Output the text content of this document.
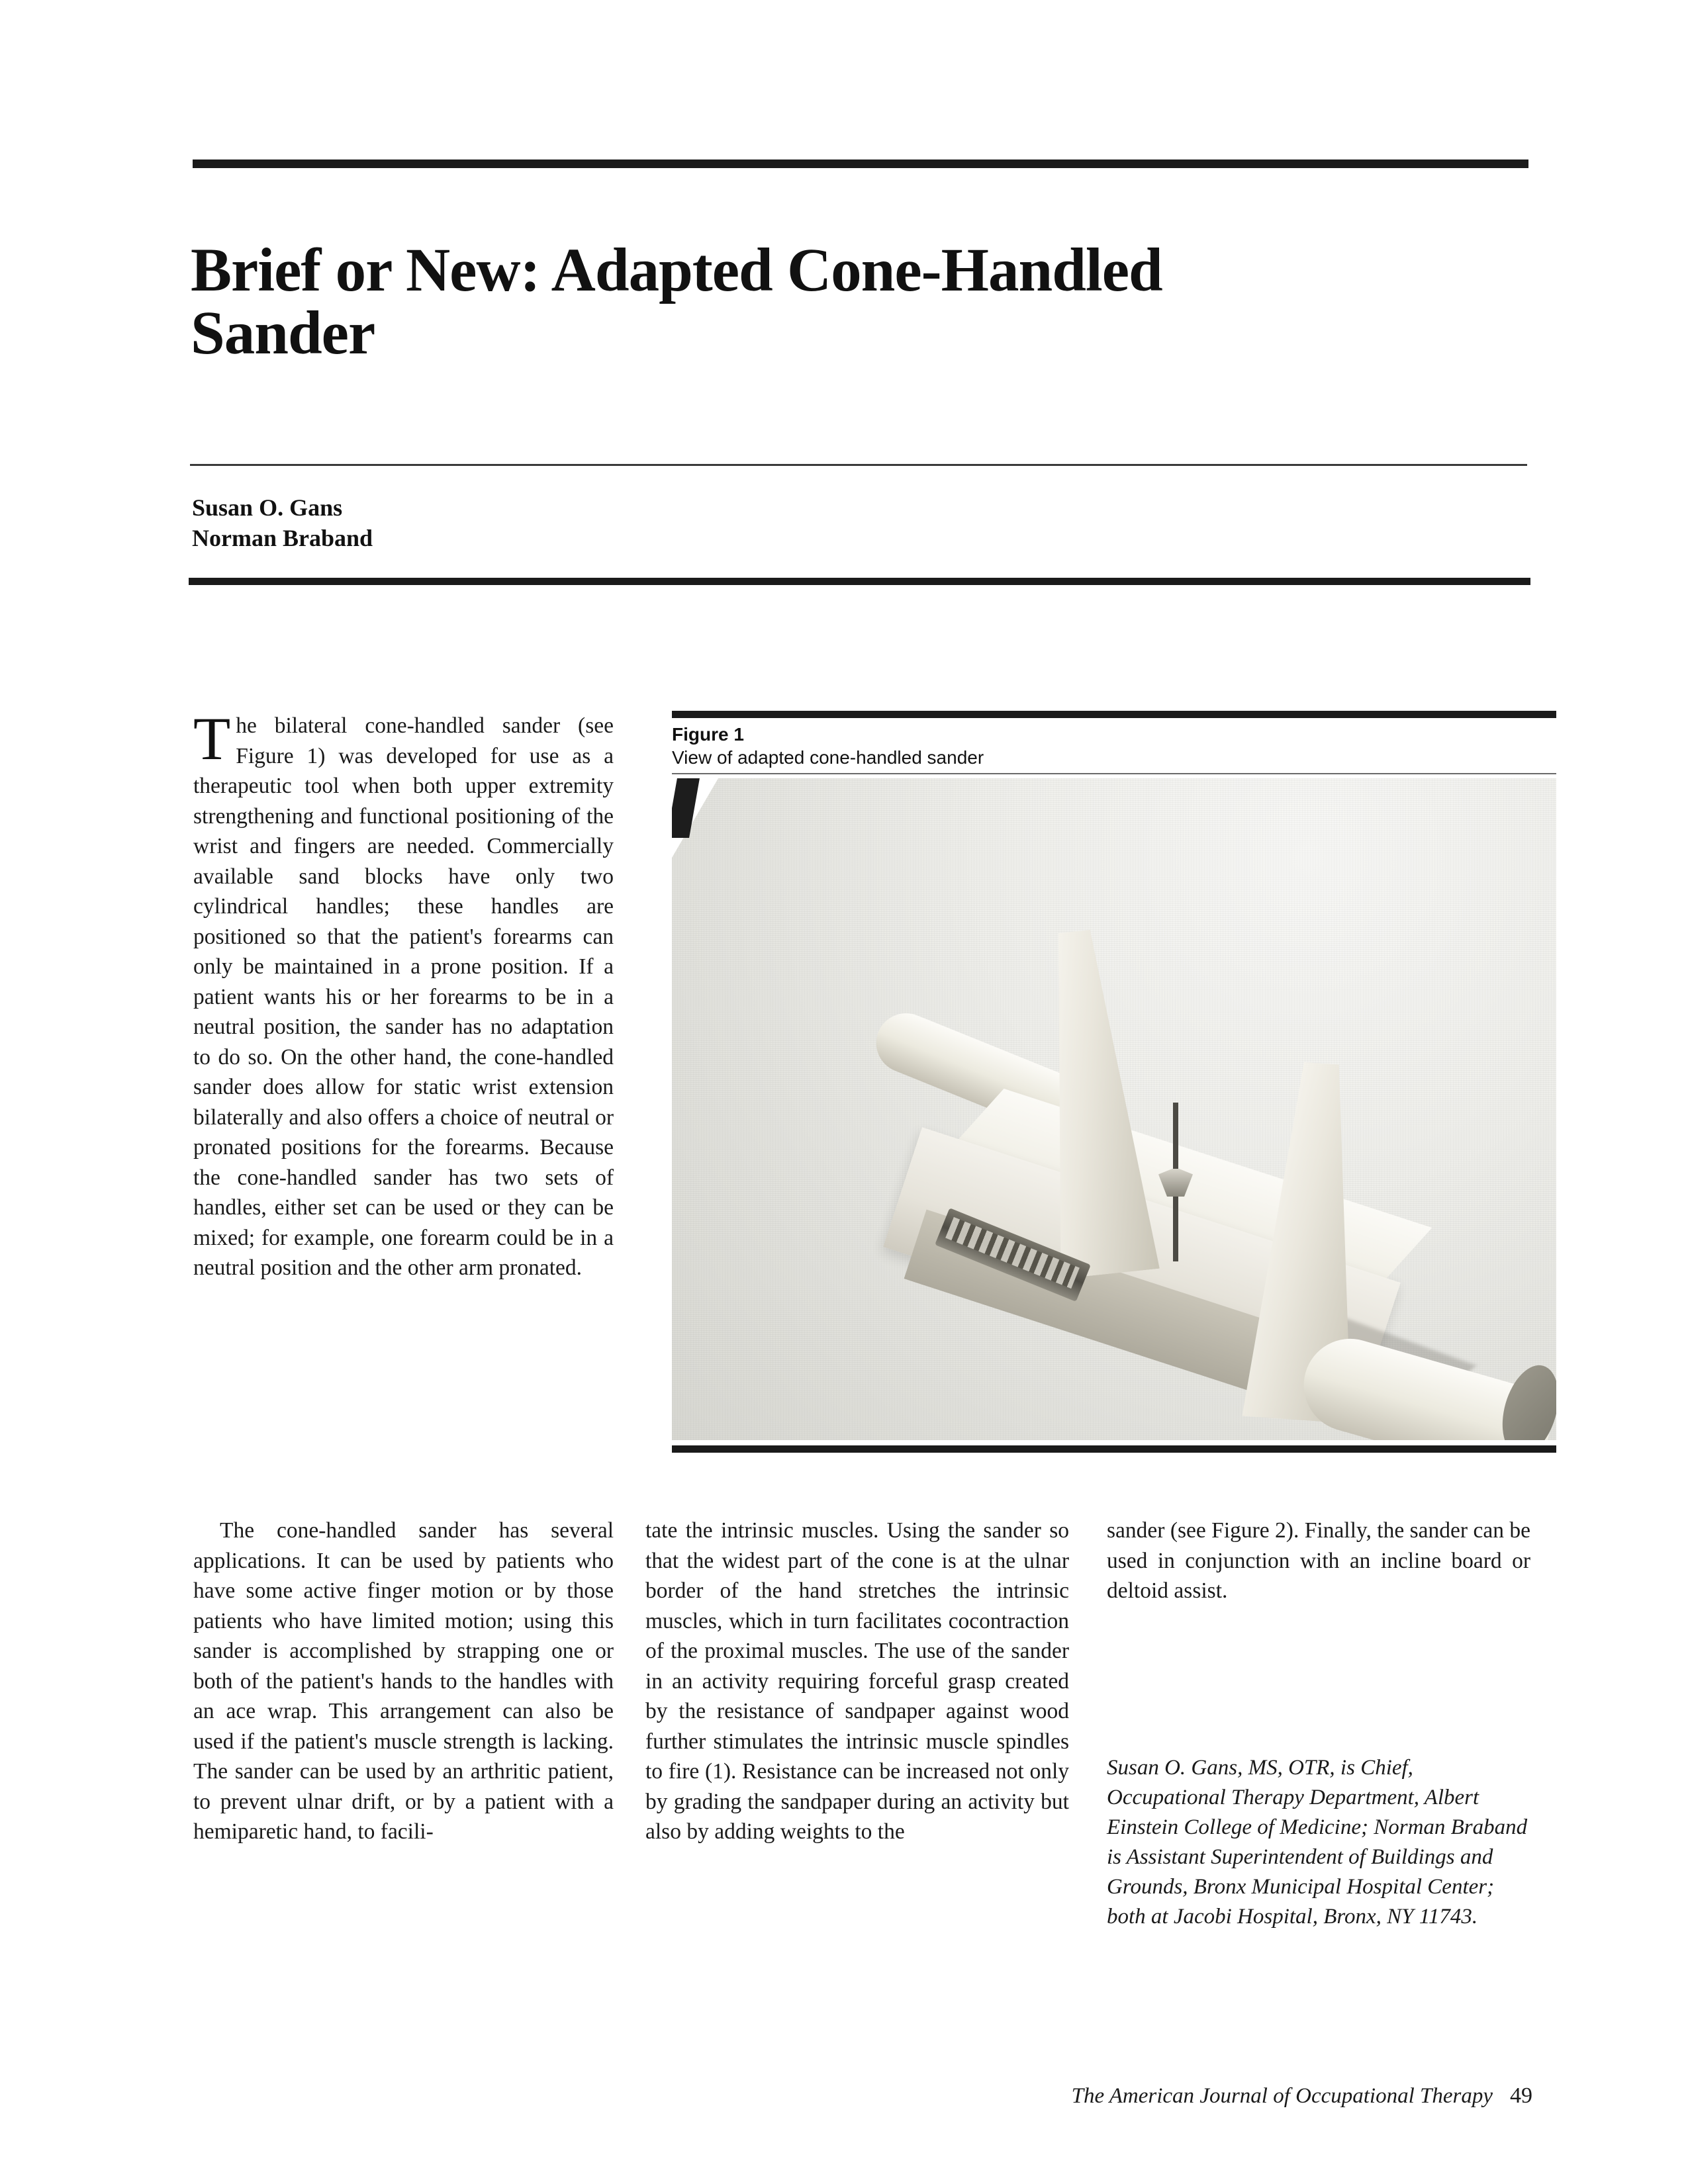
Brief or New: Adapted Cone-Handled Sander
Susan O. Gans
Norman Braband

The bilateral cone-handled sander (see Figure 1) was developed for use as a therapeutic tool when both upper extremity strengthening and functional positioning of the wrist and fingers are needed. Commercially available sand blocks have only two cylindrical handles; these handles are positioned so that the patient's forearms can only be maintained in a prone position. If a patient wants his or her forearms to be in a neutral position, the sander has no adaptation to do so. On the other hand, the cone-handled sander does allow for static wrist extension bilaterally and also offers a choice of neutral or pronated positions for the forearms. Because the cone-handled sander has two sets of handles, either set can be used or they can be mixed; for example, one forearm could be in a neutral position and the other arm pronated.

The cone-handled sander has several applications. It can be used by patients who have some active finger motion or by those patients who have limited motion; using this sander is accomplished by strapping one or both of the patient's hands to the handles with an ace wrap. This arrangement can also be used if the patient's muscle strength is lacking. The sander can be used by an arthritic patient, to prevent ulnar drift, or by a patient with a hemiparetic hand, to facili-

tate the intrinsic muscles. Using the sander so that the widest part of the cone is at the ulnar border of the hand stretches the intrinsic muscles, which in turn facilitates cocontraction of the proximal muscles. The use of the sander in an activity requiring forceful grasp created by the resistance of sandpaper against wood further stimulates the intrinsic muscle spindles to fire (1). Resistance can be increased not only by grading the sandpaper during an activity but also by adding weights to the

sander (see Figure 2). Finally, the sander can be used in conjunction with an incline board or deltoid assist.

Figure 1
View of adapted cone-handled sander
Susan O. Gans, MS, OTR, is Chief, Occupational Therapy Department, Albert Einstein College of Medicine; Norman Braband is Assistant Superintendent of Buildings and Grounds, Bronx Municipal Hospital Center; both at Jacobi Hospital, Bronx, NY 11743.
The American Journal of Occupational Therapy 49
